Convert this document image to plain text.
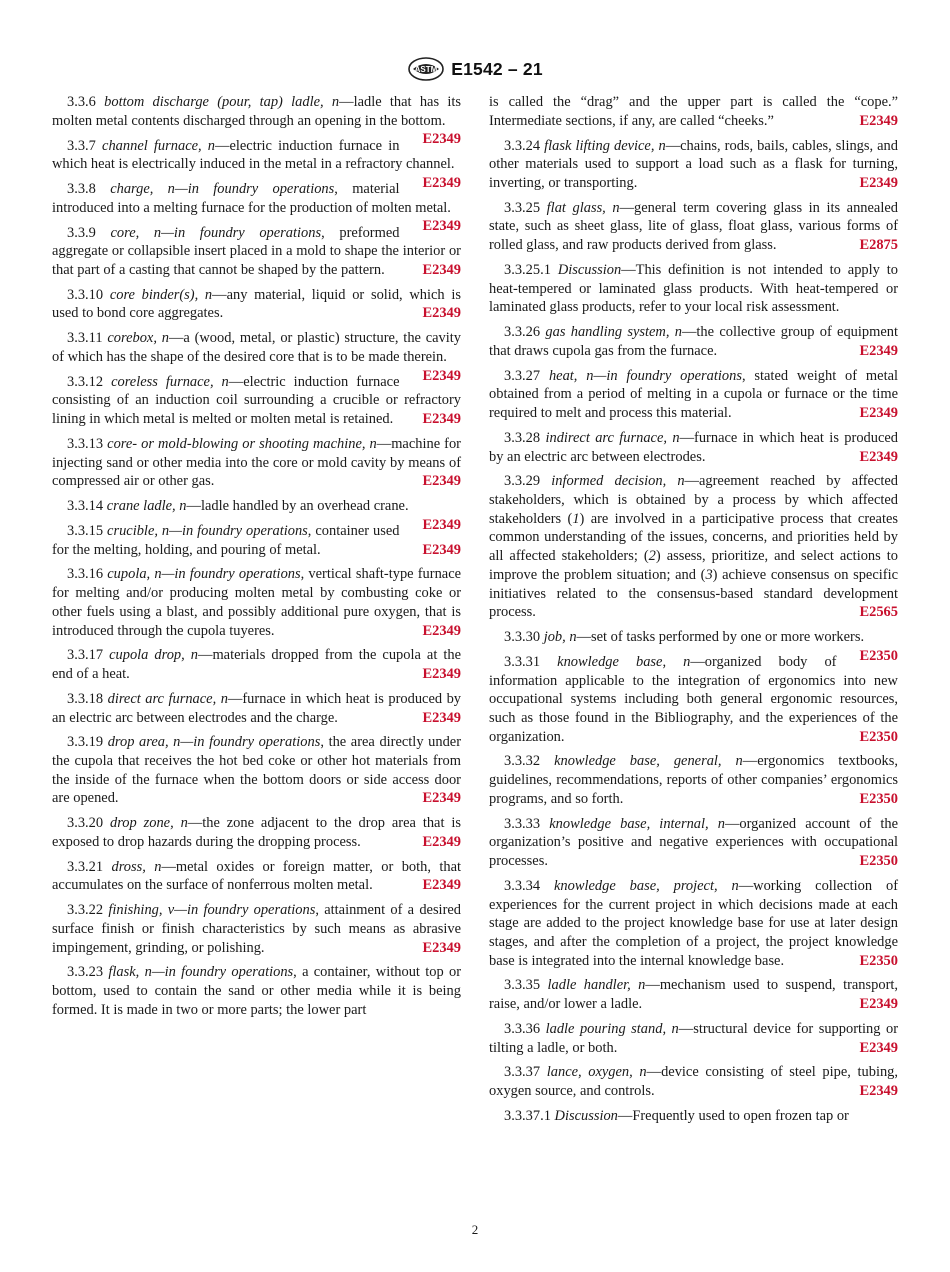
ASTM E1542 – 21

3.3.6 bottom discharge (pour, tap) ladle, n—ladle that has its molten metal contents discharged through an opening in the bottom.
E2349

3.3.7 channel furnace, n—electric induction furnace in which heat is electrically induced in the metal in a refractory channel.
E2349

3.3.8 charge, n—in foundry operations, material introduced into a melting furnace for the production of molten metal.
E2349

3.3.9 core, n—in foundry operations, preformed aggregate or collapsible insert placed in a mold to shape the interior or that part of a casting that cannot be shaped by the pattern.	E2349

3.3.10 core binder(s), n—any material, liquid or solid, which is used to bond core aggregates.	E2349

3.3.11 corebox, n—a (wood, metal, or plastic) structure, the cavity of which has the shape of the desired core that is to be made therein.
E2349

3.3.12 coreless furnace, n—electric induction furnace consisting of an induction coil surrounding a crucible or refractory lining in which metal is melted or molten metal is retained.	E2349

3.3.13 core- or mold-blowing or shooting machine, n—machine for injecting sand or other media into the core or mold cavity by means of compressed air or other gas.	E2349

3.3.14 crane ladle, n—ladle handled by an overhead crane.
E2349

3.3.15 crucible, n—in foundry operations, container used for the melting, holding, and pouring of metal.	E2349

3.3.16 cupola, n—in foundry operations, vertical shaft-type furnace for melting and/or producing molten metal by combusting coke or other fuels using a blast, and possibly additional pure oxygen, that is introduced through the cupola tuyeres.	E2349

3.3.17 cupola drop, n—materials dropped from the cupola at the end of a heat.	E2349

3.3.18 direct arc furnace, n—furnace in which heat is produced by an electric arc between electrodes and the charge.	E2349

3.3.19 drop area, n—in foundry operations, the area directly under the cupola that receives the hot bed coke or other hot materials from the inside of the furnace when the bottom doors or side access door are opened.	E2349

3.3.20 drop zone, n—the zone adjacent to the drop area that is exposed to drop hazards during the dropping process.	E2349

3.3.21 dross, n—metal oxides or foreign matter, or both, that accumulates on the surface of nonferrous molten metal.	E2349

3.3.22 finishing, v—in foundry operations, attainment of a desired surface finish or finish characteristics by such means as abrasive impingement, grinding, or polishing.	E2349

3.3.23 flask, n—in foundry operations, a container, without top or bottom, used to contain the sand or other media while it is being formed. It is made in two or more parts; the lower part

is called the “drag” and the upper part is called the “cope.” Intermediate sections, if any, are called “cheeks.”	E2349

3.3.24 flask lifting device, n—chains, rods, bails, cables, slings, and other materials used to support a load such as a flask for turning, inverting, or transporting.	E2349

3.3.25 flat glass, n—general term covering glass in its annealed state, such as sheet glass, lite of glass, float glass, various forms of rolled glass, and raw products derived from glass.	E2875

3.3.25.1 Discussion—This definition is not intended to apply to heat-tempered or laminated glass products. With heat-tempered or laminated glass products, refer to your local risk assessment.

3.3.26 gas handling system, n—the collective group of equipment that draws cupola gas from the furnace.	E2349

3.3.27 heat, n—in foundry operations, stated weight of metal obtained from a period of melting in a cupola or furnace or the time required to melt and process this material.	E2349

3.3.28 indirect arc furnace, n—furnace in which heat is produced by an electric arc between electrodes.	E2349

3.3.29 informed decision, n—agreement reached by affected stakeholders, which is obtained by a process by which affected stakeholders (1) are involved in a participative process that creates common understanding of the issues, concerns, and priorities held by all affected stakeholders; (2) assess, prioritize, and select actions to improve the problem situation; and (3) achieve consensus on specific initiatives related to the consensus-based standard development process.	E2565

3.3.30 job, n—set of tasks performed by one or more workers.
E2350

3.3.31 knowledge base, n—organized body of information applicable to the integration of ergonomics into new occupational systems including both general ergonomic resources, such as those found in the Bibliography, and the experiences of the organization.	E2350

3.3.32 knowledge base, general, n—ergonomics textbooks, guidelines, recommendations, reports of other companies’ ergonomics programs, and so forth.	E2350

3.3.33 knowledge base, internal, n—organized account of the organization’s positive and negative experiences with occupational processes.	E2350

3.3.34 knowledge base, project, n—working collection of experiences for the current project in which decisions made at each stage are added to the project knowledge base for use at later design stages, and after the completion of a project, the project knowledge base is integrated into the internal knowledge base.	E2350

3.3.35 ladle handler, n—mechanism used to suspend, transport, raise, and/or lower a ladle.	E2349

3.3.36 ladle pouring stand, n—structural device for supporting or tilting a ladle, or both.	E2349

3.3.37 lance, oxygen, n—device consisting of steel pipe, tubing, oxygen source, and controls.	E2349

3.3.37.1 Discussion—Frequently used to open frozen tap or

2
